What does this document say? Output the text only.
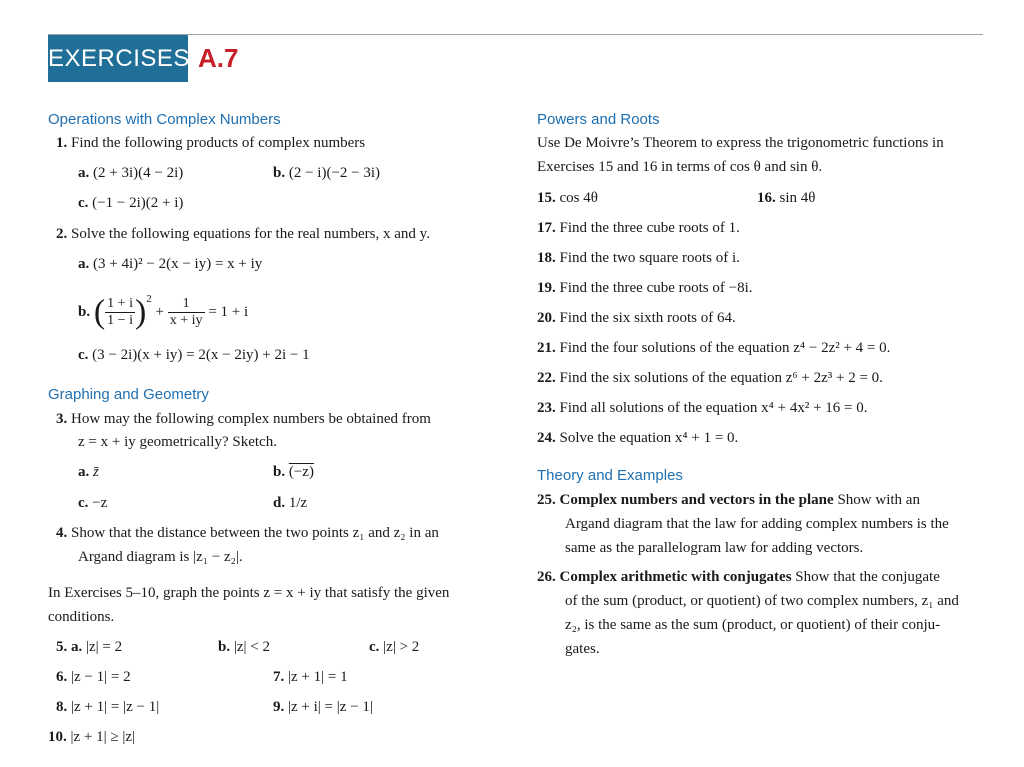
EXERCISES A.7
Operations with Complex Numbers
1. Find the following products of complex numbers
a. (2 + 3i)(4 − 2i)	b. (2 − i)(−2 − 3i)
c. (−1 − 2i)(2 + i)
2. Solve the following equations for the real numbers, x and y.
a. (3 + 4i)² − 2(x − iy) = x + iy
b. ( $\frac{1 + i}{1 - i} )^2 + \frac{1}{x + iy} = 1 + i$
c. (3 − 2i)(x + iy) = 2(x − 2iy) + 2i − 1
Graphing and Geometry
3. How may the following complex numbers be obtained from
z = x + iy geometrically? Sketch.
a. z̄	b. (−z)
c. −z	d. 1/z
4. Show that the distance between the two points z₁ and z₂ in an
Argand diagram is |z₁ − z₂|.
In Exercises 5–10, graph the points z = x + iy that satisfy the given
conditions.
5. a. |z| = 2	b. |z| < 2	c. |z| > 2
6. |z − 1| = 2	7. |z + 1| = 1
8. |z + 1| = |z − 1|	9. |z + i| = |z − 1|
10. |z + 1| ≥ |z|
Powers and Roots
Use De Moivre’s Theorem to express the trigonometric functions in
Exercises 15 and 16 in terms of cos θ and sin θ.
15. cos 4θ	16. sin 4θ
17. Find the three cube roots of 1.
18. Find the two square roots of i.
19. Find the three cube roots of −8i.
20. Find the six sixth roots of 64.
21. Find the four solutions of the equation z⁴ − 2z² + 4 = 0.
22. Find the six solutions of the equation z⁶ + 2z³ + 2 = 0.
23. Find all solutions of the equation x⁴ + 4x² + 16 = 0.
24. Solve the equation x⁴ + 1 = 0.
Theory and Examples
25. Complex numbers and vectors in the plane Show with an
Argand diagram that the law for adding complex numbers is the
same as the parallelogram law for adding vectors.
26. Complex arithmetic with conjugates Show that the conjugate
of the sum (product, or quotient) of two complex numbers, z₁ and
z₂, is the same as the sum (product, or quotient) of their conju-
gates.
